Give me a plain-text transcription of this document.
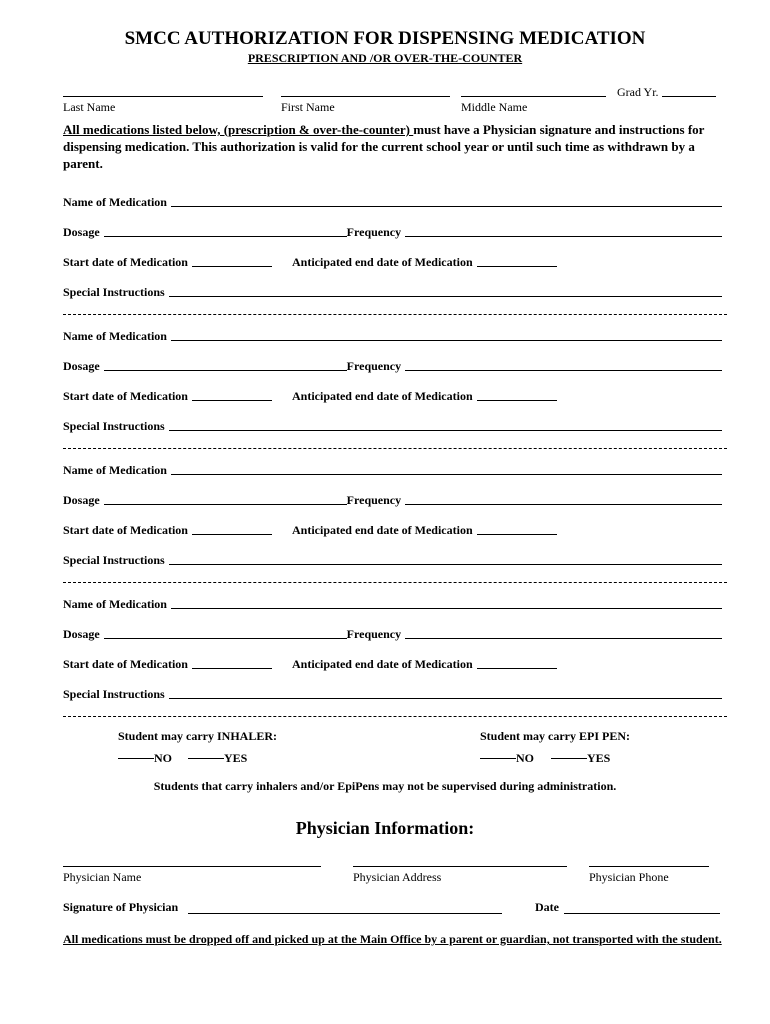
SMCC AUTHORIZATION FOR DISPENSING MEDICATION
PRESCRIPTION AND /OR OVER-THE-COUNTER
Grad Yr.
Last Name	First Name	Middle Name
All medications listed below, (prescription & over-the-counter) must have a Physician signature and instructions for dispensing medication. This authorization is valid for the current school year or until such time as withdrawn by a parent.
Name of Medication
Dosage	Frequency
Start date of Medication	Anticipated end date of Medication
Special Instructions
Name of Medication
Dosage	Frequency
Start date of Medication	Anticipated end date of Medication
Special Instructions
Name of Medication
Dosage	Frequency
Start date of Medication	Anticipated end date of Medication
Special Instructions
Name of Medication
Dosage	Frequency
Start date of Medication	Anticipated end date of Medication
Special Instructions
Student may carry INHALER:	Student may carry EPI PEN:
NO	YES	NO	YES
Students that carry inhalers and/or EpiPens may not be supervised during administration.
Physician Information:
Physician Name	Physician Address	Physician Phone
Signature of Physician	Date
All medications must be dropped off and picked up at the Main Office by a parent or guardian, not transported with the student.
